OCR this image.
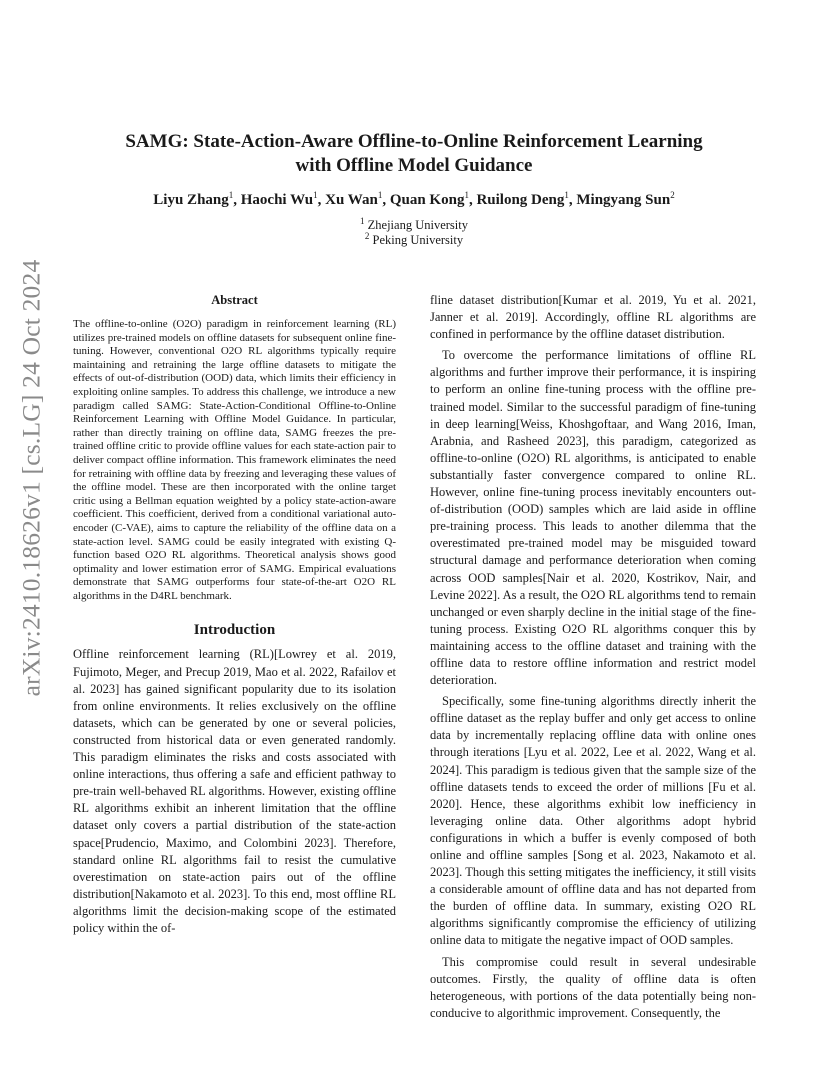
arXiv:2410.18626v1 [cs.LG] 24 Oct 2024
SAMG: State-Action-Aware Offline-to-Online Reinforcement Learning
with Offline Model Guidance
Liyu Zhang$^1$, Haochi Wu$^1$, Xu Wan$^1$, Quan Kong$^1$, Ruilong Deng$^1$, Mingyang Sun$^2$
$^1$ Zhejiang University
$^2$ Peking University
Abstract

The offline-to-online (O2O) paradigm in reinforcement learning (RL) utilizes pre-trained models on offline datasets for subsequent online fine-tuning. However, conventional O2O RL algorithms typically require maintaining and retraining the large offline datasets to mitigate the effects of out-of-distribution (OOD) data, which limits their efficiency in exploiting online samples. To address this challenge, we introduce a new paradigm called SAMG: State-Action-Conditional Offline-to-Online Reinforcement Learning with Offline Model Guidance. In particular, rather than directly training on offline data, SAMG freezes the pre-trained offline critic to provide offline values for each state-action pair to deliver compact offline information. This framework eliminates the need for retraining with offline data by freezing and leveraging these values of the offline model. These are then incorporated with the online target critic using a Bellman equation weighted by a policy state-action-aware coefficient. This coefficient, derived from a conditional variational auto-encoder (C-VAE), aims to capture the reliability of the offline data on a state-action level. SAMG could be easily integrated with existing Q-function based O2O RL algorithms. Theoretical analysis shows good optimality and lower estimation error of SAMG. Empirical evaluations demonstrate that SAMG outperforms four state-of-the-art O2O RL algorithms in the D4RL benchmark.

Introduction

Offline reinforcement learning (RL)[Lowrey et al. 2019, Fujimoto, Meger, and Precup 2019, Mao et al. 2022, Rafailov et al. 2023] has gained significant popularity due to its isolation from online environments. It relies exclusively on the offline datasets, which can be generated by one or several policies, constructed from historical data or even generated randomly. This paradigm eliminates the risks and costs associated with online interactions, thus offering a safe and efficient pathway to pre-train well-behaved RL algorithms. However, existing offline RL algorithms exhibit an inherent limitation that the offline dataset only covers a partial distribution of the state-action space[Prudencio, Maximo, and Colombini 2023]. Therefore, standard online RL algorithms fail to resist the cumulative overestimation on state-action pairs out of the offline distribution[Nakamoto et al. 2023]. To this end, most offline RL algorithms limit the decision-making scope of the estimated policy within the of-

fline dataset distribution[Kumar et al. 2019, Yu et al. 2021, Janner et al. 2019]. Accordingly, offline RL algorithms are confined in performance by the offline dataset distribution.

To overcome the performance limitations of offline RL algorithms and further improve their performance, it is inspiring to perform an online fine-tuning process with the offline pre-trained model. Similar to the successful paradigm of fine-tuning in deep learning[Weiss, Khoshgoftaar, and Wang 2016, Iman, Arabnia, and Rasheed 2023], this paradigm, categorized as offline-to-online (O2O) RL algorithms, is anticipated to enable substantially faster convergence compared to online RL. However, online fine-tuning process inevitably encounters out-of-distribution (OOD) samples which are laid aside in offline pre-training process. This leads to another dilemma that the overestimated pre-trained model may be misguided toward structural damage and performance deterioration when coming across OOD samples[Nair et al. 2020, Kostrikov, Nair, and Levine 2022]. As a result, the O2O RL algorithms tend to remain unchanged or even sharply decline in the initial stage of the fine-tuning process. Existing O2O RL algorithms conquer this by maintaining access to the offline dataset and training with the offline data to restore offline information and restrict model deterioration.

Specifically, some fine-tuning algorithms directly inherit the offline dataset as the replay buffer and only get access to online data by incrementally replacing offline data with online ones through iterations [Lyu et al. 2022, Lee et al. 2022, Wang et al. 2024]. This paradigm is tedious given that the sample size of the offline datasets tends to exceed the order of millions [Fu et al. 2020]. Hence, these algorithms exhibit low inefficiency in leveraging online data. Other algorithms adopt hybrid configurations in which a buffer is evenly composed of both online and offline samples [Song et al. 2023, Nakamoto et al. 2023]. Though this setting mitigates the inefficiency, it still visits a considerable amount of offline data and has not departed from the burden of offline data. In summary, existing O2O RL algorithms significantly compromise the efficiency of utilizing online data to mitigate the negative impact of OOD samples.

This compromise could result in several undesirable outcomes. Firstly, the quality of offline data is often heterogeneous, with portions of the data potentially being non-conducive to algorithmic improvement. Consequently, the
